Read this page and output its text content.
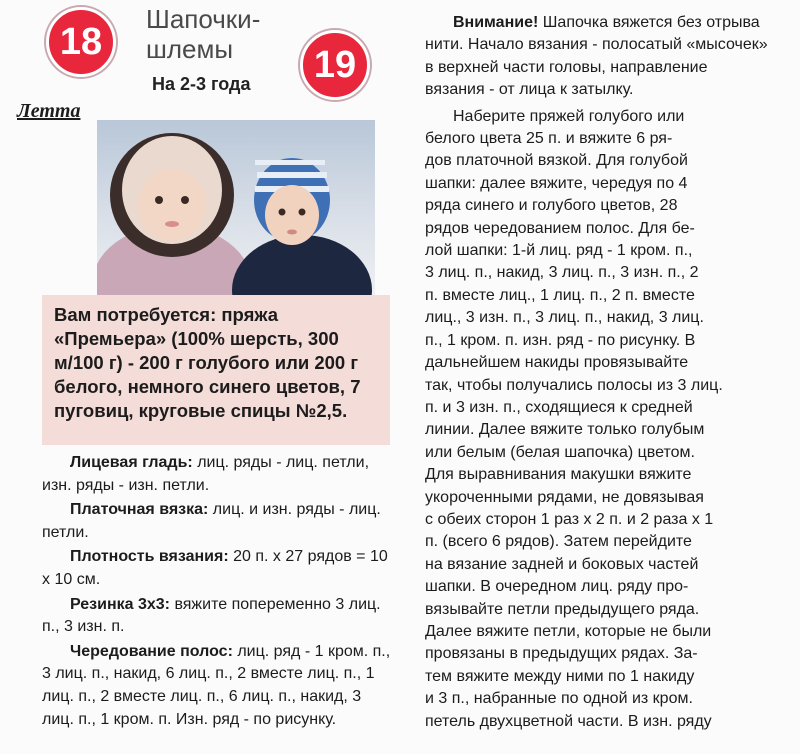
18
19
Шапочки-
шлемы
На 2-3 года
Летта

Вам потребуется: пряжа «Премьера» (100% шерсть, 300 м/100 г) - 200 г голубого или 200 г белого, немного синего цветов, 7 пуговиц, круговые спицы №2,5.

Лицевая гладь: лиц. ряды - лиц. петли, изн. ряды - изн. петли.

Платочная вязка: лиц. и изн. ряды - лиц. петли.

Плотность вязания: 20 п. х 27 рядов = 10 х 10 см.

Резинка 3х3: вяжите попеременно 3 лиц. п., 3 изн. п.

Чередование полос: лиц. ряд - 1 кром. п., 3 лиц. п., накид, 6 лиц. п., 2 вместе лиц. п., 1 лиц. п., 2 вместе лиц. п., 6 лиц. п., накид, 3 лиц. п., 1 кром. п. Изн. ряд - по рисунку.

Внимание! Шапочка вяжется без отрыва нити. Начало вязания - полосатый «мысочек» в верхней части головы, направление вязания - от лица к затылку.

Наберите пряжей голубого или
белого цвета 25 п. и вяжите 6 ря-
дов платочной вязкой. Для голубой
шапки: далее вяжите, чередуя по 4
ряда синего и голубого цветов, 28
рядов чередованием полос. Для бе-
лой шапки: 1-й лиц. ряд - 1 кром. п.,
3 лиц. п., накид, 3 лиц. п., 3 изн. п., 2
п. вместе лиц., 1 лиц. п., 2 п. вместе
лиц., 3 изн. п., 3 лиц. п., накид, 3 лиц.
п., 1 кром. п. изн. ряд - по рисунку. В
дальнейшем накиды провязывайте
так, чтобы получались полосы из 3 лиц.
п. и 3 изн. п., сходящиеся к средней
линии. Далее вяжите только голубым
или белым (белая шапочка) цветом.
Для выравнивания макушки вяжите
укороченными рядами, не довязывая
с обеих сторон 1 раз х 2 п. и 2 раза х 1
п. (всего 6 рядов). Затем перейдите
на вязание задней и боковых частей
шапки. В очередном лиц. ряду про-
вязывайте петли предыдущего ряда.
Далее вяжите петли, которые не были
провязаны в предыдущих рядах. За-
тем вяжите между ними по 1 накиду
и 3 п., набранные по одной из кром.
петель двухцветной части. В изн. ряду
